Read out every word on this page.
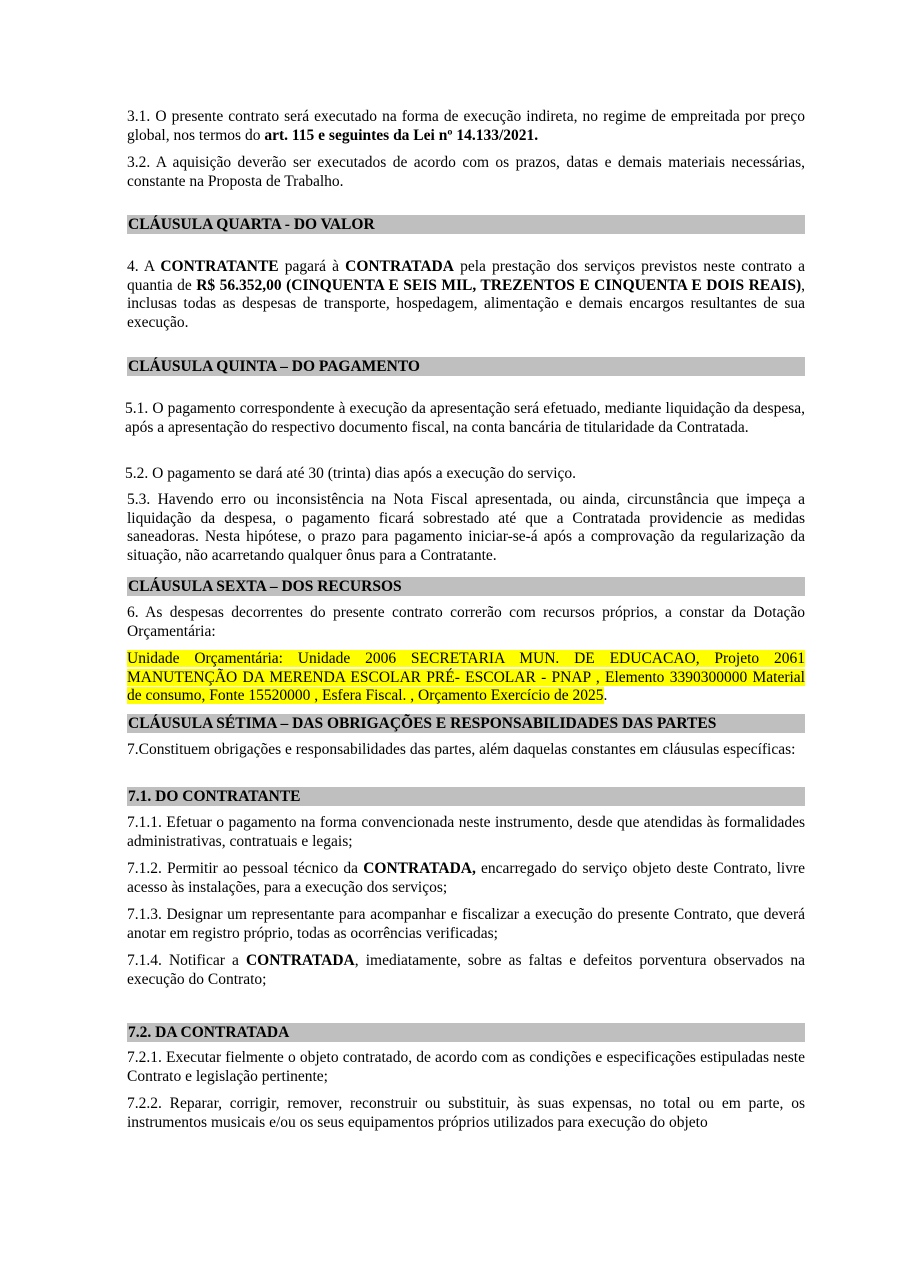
3.1. O presente contrato será executado na forma de execução indireta, no regime de empreitada por preço global, nos termos do art. 115 e seguintes da Lei nº 14.133/2021.

3.2. A aquisição deverão ser executados de acordo com os prazos, datas e demais materiais necessárias, constante na Proposta de Trabalho.

CLÁUSULA QUARTA - DO VALOR

4. A CONTRATANTE pagará à CONTRATADA pela prestação dos serviços previstos neste contrato a quantia de R$ 56.352,00 (CINQUENTA E SEIS MIL, TREZENTOS E CINQUENTA E DOIS REAIS), inclusas todas as despesas de transporte, hospedagem, alimentação e demais encargos resultantes de sua execução.

CLÁUSULA QUINTA – DO PAGAMENTO

5.1. O pagamento correspondente à execução da apresentação será efetuado, mediante liquidação da despesa, após a apresentação do respectivo documento fiscal, na conta bancária de titularidade da Contratada.

5.2. O pagamento se dará até 30 (trinta) dias após a execução do serviço.

5.3. Havendo erro ou inconsistência na Nota Fiscal apresentada, ou ainda, circunstância que impeça a liquidação da despesa, o pagamento ficará sobrestado até que a Contratada providencie as medidas saneadoras. Nesta hipótese, o prazo para pagamento iniciar-se-á após a comprovação da regularização da situação, não acarretando qualquer ônus para a Contratante.

CLÁUSULA SEXTA – DOS RECURSOS

6. As despesas decorrentes do presente contrato correrão com recursos próprios, a constar da Dotação Orçamentária:

Unidade Orçamentária: Unidade 2006 SECRETARIA MUN. DE EDUCACAO, Projeto 2061 MANUTENÇÃO DA MERENDA ESCOLAR PRÉ- ESCOLAR - PNAP , Elemento 3390300000 Material de consumo, Fonte 15520000 , Esfera Fiscal. , Orçamento Exercício de 2025.

CLÁUSULA SÉTIMA – DAS OBRIGAÇÕES E RESPONSABILIDADES DAS PARTES

7.Constituem obrigações e responsabilidades das partes, além daquelas constantes em cláusulas específicas:

7.1. DO CONTRATANTE

7.1.1. Efetuar o pagamento na forma convencionada neste instrumento, desde que atendidas às formalidades administrativas, contratuais e legais;

7.1.2. Permitir ao pessoal técnico da CONTRATADA, encarregado do serviço objeto deste Contrato, livre acesso às instalações, para a execução dos serviços;

7.1.3. Designar um representante para acompanhar e fiscalizar a execução do presente Contrato, que deverá anotar em registro próprio, todas as ocorrências verificadas;

7.1.4. Notificar a CONTRATADA, imediatamente, sobre as faltas e defeitos porventura observados na execução do Contrato;

7.2. DA CONTRATADA

7.2.1. Executar fielmente o objeto contratado, de acordo com as condições e especificações estipuladas neste Contrato e legislação pertinente;

7.2.2. Reparar, corrigir, remover, reconstruir ou substituir, às suas expensas, no total ou em parte, os instrumentos musicais e/ou os seus equipamentos próprios utilizados para execução do objeto
